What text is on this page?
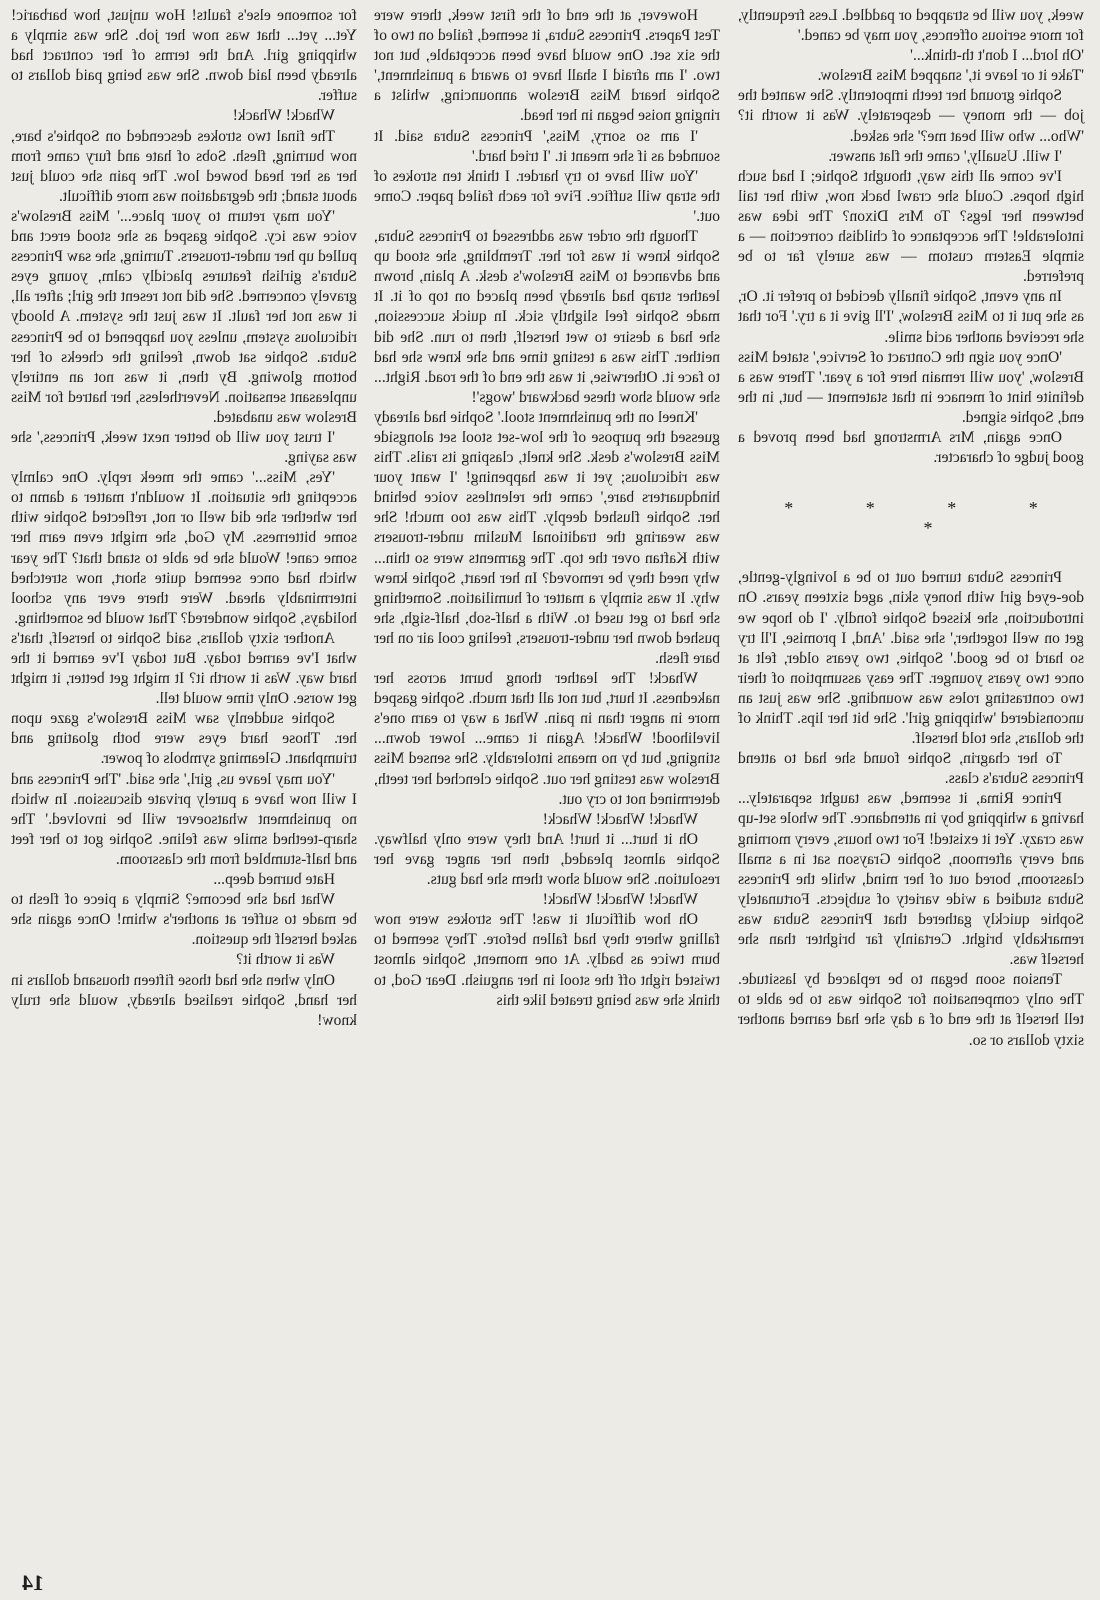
week, you will be strapped or paddled. Less frequently, for more serious offences, you may be caned.'

'Oh lord... I don't th-think...'

'Take it or leave it,' snapped Miss Breslow.

Sophie ground her teeth impotently. She wanted the job — the money — desperately. Was it worth it? 'Who... who will beat me?' she asked.

'I will. Usually,' came the flat answer.

I've come all this way, thought Sophie; I had such high hopes. Could she crawl back now, with her tail between her legs? To Mrs Dixon? The idea was intolerable! The acceptance of childish correction — a simple Eastern custom — was surely far to be preferred.

In any event, Sophie finally decided to prefer it. Or, as she put it to Miss Breslow, 'I'll give it a try.' For that she received another acid smile.

'Once you sign the Contract of Service,' stated Miss Breslow, 'you will remain here for a year.' There was a definite hint of menace in that statement — but, in the end, Sophie signed.

Once again, Mrs Armstrong had been proved a good judge of character.

* * * * *

Princess Subra turned out to be a lovingly-gentle, doe-eyed girl with honey skin, aged sixteen years. On introduction, she kissed Sophie fondly. 'I do hope we get on well together,' she said. 'And, I promise, I'll try so hard to be good.' Sophie, two years older, felt at once two years younger. The easy assumption of their two contrasting roles was wounding. She was just an unconsidered 'whipping girl'. She bit her lips. Think of the dollars, she told herself.

To her chagrin, Sophie found she had to attend Princess Subra's class.

Prince Rima, it seemed, was taught separately... having a whipping boy in attendance. The whole set-up was crazy. Yet it existed! For two hours, every morning and every afternoon, Sophie Grayson sat in a small classroom, bored out of her mind, while the Princess Subra studied a wide variety of subjects. Fortunately Sophie quickly gathered that Princess Subra was remarkably bright. Certainly far brighter than she herself was.

Tension soon began to be replaced by lassitude. The only compensation for Sophie was to be able to tell herself at the end of a day she had earned another sixty dollars or so.

However, at the end of the first week, there were Test Papers. Princess Subra, it seemed, failed on two of the six set. One would have been acceptable, but not two. 'I am afraid I shall have to award a punishment,' Sophie heard Miss Breslow announcing, whilst a ringing noise began in her head.

'I am so sorry, Miss,' Princess Subra said. It sounded as if she meant it. 'I tried hard.'

'You will have to try harder. I think ten strokes of the strap will suffice. Five for each failed paper. Come out.'

Though the order was addressed to Princess Subra, Sophie knew it was for her. Trembling, she stood up and advanced to Miss Breslow's desk. A plain, brown leather strap had already been placed on top of it. It made Sophie feel slightly sick. In quick succession, she had a desire to wet herself, then to run. She did neither. This was a testing time and she knew she had to face it. Otherwise, it was the end of the road. Right... she would show these backward 'wogs'!

'Kneel on the punishment stool.' Sophie had already guessed the purpose of the low-set stool set alongside Miss Breslow's desk. She knelt, clasping its rails. This was ridiculous; yet it was happening! 'I want your hindquarters bare,' came the relentless voice behind her. Sophie flushed deeply. This was too much! She was wearing the traditional Muslim under-trousers with Kaftan over the top. The garments were so thin... why need they be removed? In her heart, Sophie knew why. It was simply a matter of humiliation. Something she had to get used to. With a half-sob, half-sigh, she pushed down her under-trousers, feeling cool air on her bare flesh.

Whack! The leather thong burnt across her nakedness. It hurt, but not all that much. Sophie gasped more in anger than in pain. What a way to earn one's livelihood! Whack! Again it came... lower down... stinging, but by no means intolerably. She sensed Miss Breslow was testing her out. Sophie clenched her teeth, determined not to cry out.

Whack! Whack! Whack!

Oh it hurt... it hurt! And they were only halfway. Sophie almost pleaded, then her anger gave her resolution. She would show them she had guts.

Whack! Whack! Whack!

Oh how difficult it was! The strokes were now falling where they had fallen before. They seemed to burn twice as badly. At one moment, Sophie almost twisted right off the stool in her anguish. Dear God, to think she was being treated like this

for someone else's faults! How unjust, how barbaric! Yet... yet... that was now her job. She was simply a whipping girl. And the terms of her contract had already been laid down. She was being paid dollars to suffer.

Whack! Whack!

The final two strokes descended on Sophie's bare, now burning, flesh. Sobs of hate and fury came from her as her head bowed low. The pain she could just about stand; the degradation was more difficult.

'You may return to your place...' Miss Breslow's voice was icy. Sophie gasped as she stood erect and pulled up her under-trousers. Turning, she saw Princess Subra's girlish features placidly calm, young eyes gravely concerned. She did not resent the girl; after all, it was not her fault. It was just the system. A bloody ridiculous system, unless you happened to be Princess Subra. Sophie sat down, feeling the cheeks of her bottom glowing. By then, it was not an entirely unpleasant sensation. Nevertheless, her hatred for Miss Breslow was unabated.

'I trust you will do better next week, Princess,' she was saying.

'Yes, Miss...' came the meek reply. One calmly accepting the situation. It wouldn't matter a damn to her whether she did well or not, reflected Sophie with some bitterness. My God, she might even earn her some cane! Would she be able to stand that? The year which had once seemed quite short, now stretched interminably ahead. Were there ever any school holidays, Sophie wondered? That would be something.

Another sixty dollars, said Sophie to herself, that's what I've earned today. But today I've earned it the hard way. Was it worth it? It might get better, it might get worse. Only time would tell.

Sophie suddenly saw Miss Breslow's gaze upon her. Those hard eyes were both gloating and triumphant. Gleaming symbols of power.

'You may leave us, girl,' she said. 'The Princess and I will now have a purely private discussion. In which no punishment whatsoever will be involved.' The sharp-teethed smile was feline. Sophie got to her feet and half-stumbled from the classroom.

Hate burned deep...

What had she become? Simply a piece of flesh to be made to suffer at another's whim! Once again she asked herself the question.

Was it worth it?

Only when she had those fifteen thousand dollars in her hand, Sophie realised already, would she truly know!

14
